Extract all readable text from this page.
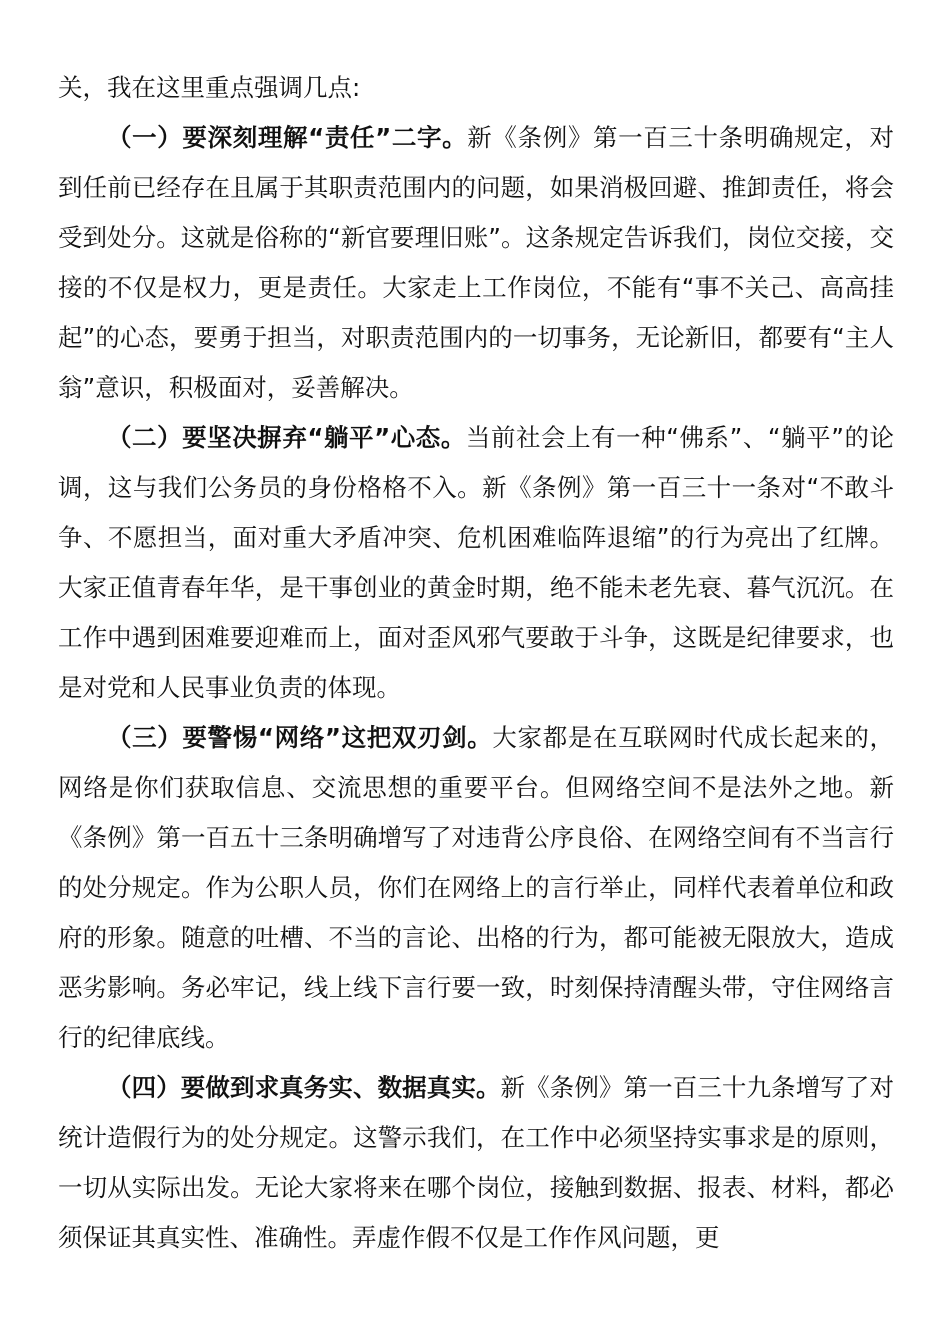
关，我在这里重点强调几点:

（一）要深刻理解“责任”二字。新《条例》第一百三十条明确规定，对到任前已经存在且属于其职责范围内的问题，如果消极回避、推卸责任，将会受到处分。这就是俗称的“新官要理旧账”。这条规定告诉我们，岗位交接，交接的不仅是权力，更是责任。大家走上工作岗位，不能有“事不关己、高高挂起”的心态，要勇于担当，对职责范围内的一切事务，无论新旧，都要有“主人翁”意识，积极面对，妥善解决。

（二）要坚决摒弃“躺平”心态。当前社会上有一种“佛系”、“躺平”的论调，这与我们公务员的身份格格不入。新《条例》第一百三十一条对“不敢斗争、不愿担当，面对重大矛盾冲突、危机困难临阵退缩”的行为亮出了红牌。大家正值青春年华，是干事创业的黄金时期，绝不能未老先衰、暮气沉沉。在工作中遇到困难要迎难而上，面对歪风邪气要敢于斗争，这既是纪律要求，也是对党和人民事业负责的体现。

（三）要警惕“网络”这把双刃剑。大家都是在互联网时代成长起来的，网络是你们获取信息、交流思想的重要平台。但网络空间不是法外之地。新《条例》第一百五十三条明确增写了对违背公序良俗、在网络空间有不当言行的处分规定。作为公职人员，你们在网络上的言行举止，同样代表着单位和政府的形象。随意的吐槽、不当的言论、出格的行为，都可能被无限放大，造成恶劣影响。务必牢记，线上线下言行要一致，时刻保持清醒头带，守住网络言行的纪律底线。

（四）要做到求真务实、数据真实。新《条例》第一百三十九条增写了对统计造假行为的处分规定。这警示我们，在工作中必须坚持实事求是的原则，一切从实际出发。无论大家将来在哪个岗位，接触到数据、报表、材料，都必须保证其真实性、准确性。弄虚作假不仅是工作作风问题，更
